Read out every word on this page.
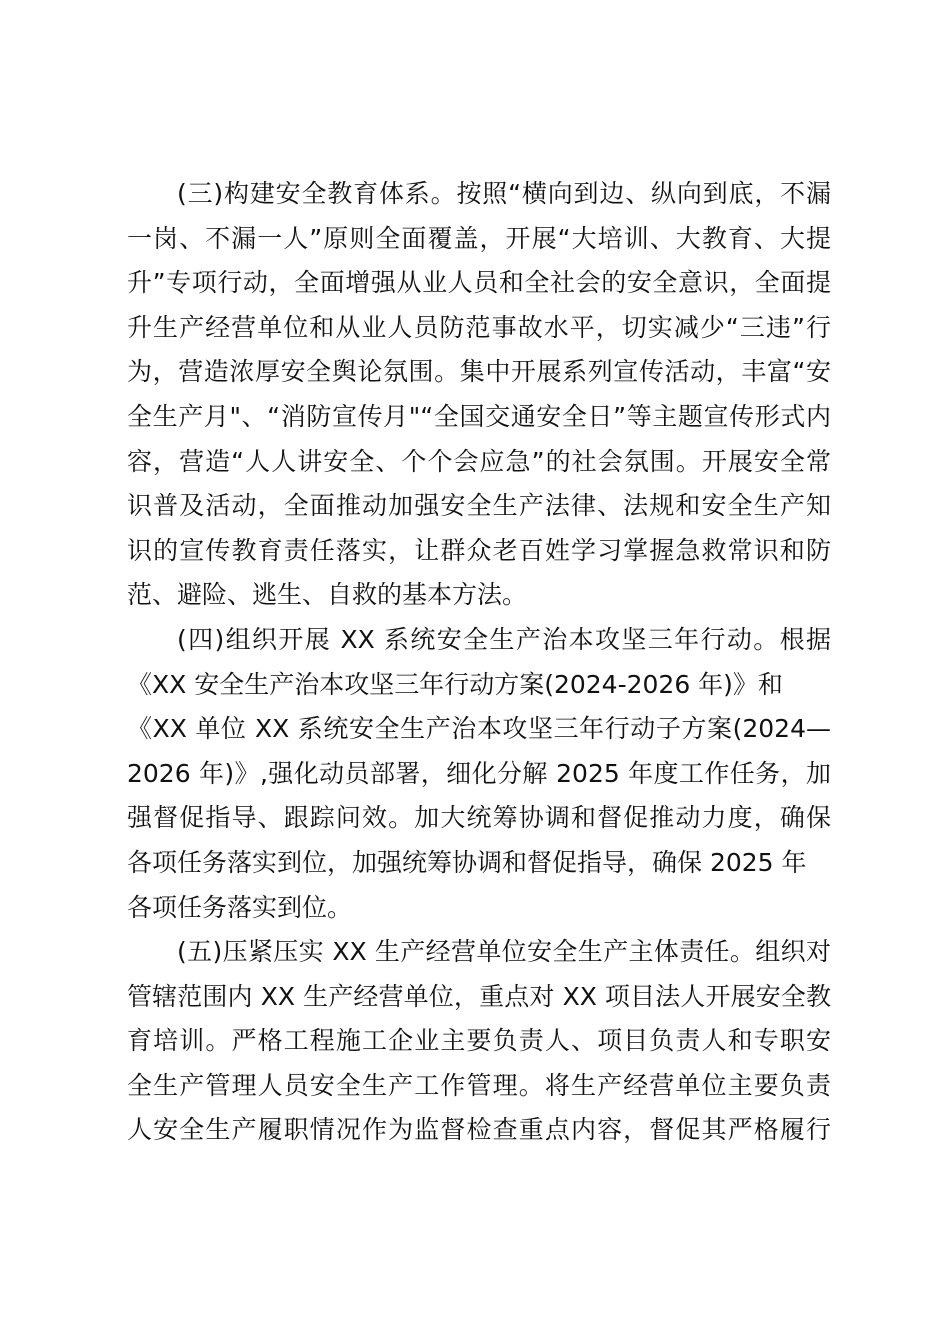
(三)构建安全教育体系。按照“横向到边、纵向到底，不漏
一岗、不漏一人”原则全面覆盖，开展“大培训、大教育、大提
升”专项行动，全面增强从业人员和全社会的安全意识，全面提
升生产经营单位和从业人员防范事故水平，切实减少“三违”行
为，营造浓厚安全舆论氛围。集中开展系列宣传活动，丰富“安
全生产月"、“消防宣传月"“全国交通安全日”等主题宣传形式内
容，营造“人人讲安全、个个会应急”的社会氛围。开展安全常
识普及活动，全面推动加强安全生产法律、法规和安全生产知
识的宣传教育责任落实，让群众老百姓学习掌握急救常识和防
范、避险、逃生、自救的基本方法。
(四)组织开展 XX 系统安全生产治本攻坚三年行动。根据
《XX 安全生产治本攻坚三年行动方案(2024-2026 年)》和
《XX 单位 XX 系统安全生产治本攻坚三年行动子方案(2024—
2026 年)》,强化动员部署，细化分解 2025 年度工作任务，加
强督促指导、跟踪问效。加大统筹协调和督促推动力度，确保
各项任务落实到位，加强统筹协调和督促指导，确保 2025 年
各项任务落实到位。
(五)压紧压实 XX 生产经营单位安全生产主体责任。组织对
管辖范围内 XX 生产经营单位，重点对 XX 项目法人开展安全教
育培训。严格工程施工企业主要负责人、项目负责人和专职安
全生产管理人员安全生产工作管理。将生产经营单位主要负责
人安全生产履职情况作为监督检查重点内容，督促其严格履行
